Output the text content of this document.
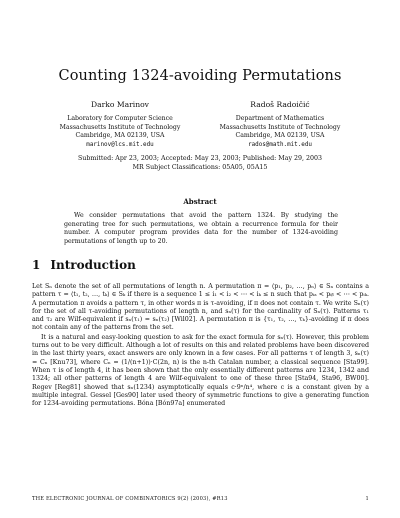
Counting 1324-avoiding Permutations
Darko Marinov
Laboratory for Computer Science
Massachusetts Institute of Technology
Cambridge, MA 02139, USA
marinov@lcs.mit.edu
Radoš Radoičić
Department of Mathematics
Massachusetts Institute of Technology
Cambridge, MA 02139, USA
rados@math.mit.edu
Submitted: Apr 23, 2003; Accepted: May 23, 2003; Published: May 29, 2003
MR Subject Classifications: 05A05, 05A15
Abstract
We consider permutations that avoid the pattern 1324. By studying the generating tree for such permutations, we obtain a recurrence formula for their number. A computer program provides data for the number of 1324-avoiding permutations of length up to 20.
1 Introduction

Let Sₙ denote the set of all permutations of length n. A permutation π = ⟨p₁, p₂, …, pₙ⟩ ∈ Sₙ contains a pattern τ = ⟨t₁, t₂, …, tₖ⟩ ∈ Sₖ if there is a sequence 1 ≤ i₁ < i₂ < ⋯ < iₖ ≤ n such that pᵢₐ < pᵢᵦ < ⋯ < pᵢₖ. A permutation π avoids a pattern τ, in other words π is τ-avoiding, if π does not contain τ. We write Sₙ(τ) for the set of all τ-avoiding permutations of length n, and sₙ(τ) for the cardinality of Sₙ(τ). Patterns τ₁ and τ₂ are Wilf-equivalent if sₙ(τ₁) = sₙ(τ₂) [Wil02]. A permutation π is {τ₁, τ₂, …, τₖ}-avoiding if π does not contain any of the patterns from the set.

It is a natural and easy-looking question to ask for the exact formula for sₙ(τ). However, this problem turns out to be very difficult. Although a lot of results on this and related problems have been discovered in the last thirty years, exact answers are only known in a few cases. For all patterns τ of length 3, sₙ(τ) = Cₙ [Knu73], where Cₙ = (1/(n+1))·C(2n, n) is the n-th Catalan number, a classical sequence [Sta99]. When τ is of length 4, it has been shown that the only essentially different patterns are 1234, 1342 and 1324; all other patterns of length 4 are Wilf-equivalent to one of these three [Sta94, Sta96, BW00]. Regev [Reg81] showed that sₙ(1234) asymptotically equals c·9ⁿ/n⁴, where c is a constant given by a multiple integral. Gessel [Ges90] later used theory of symmetric functions to give a generating function for 1234-avoiding permutations. Bóna [Bón97a] enumerated

THE ELECTRONIC JOURNAL OF COMBINATORICS 9(2) (2003), #R13	1
